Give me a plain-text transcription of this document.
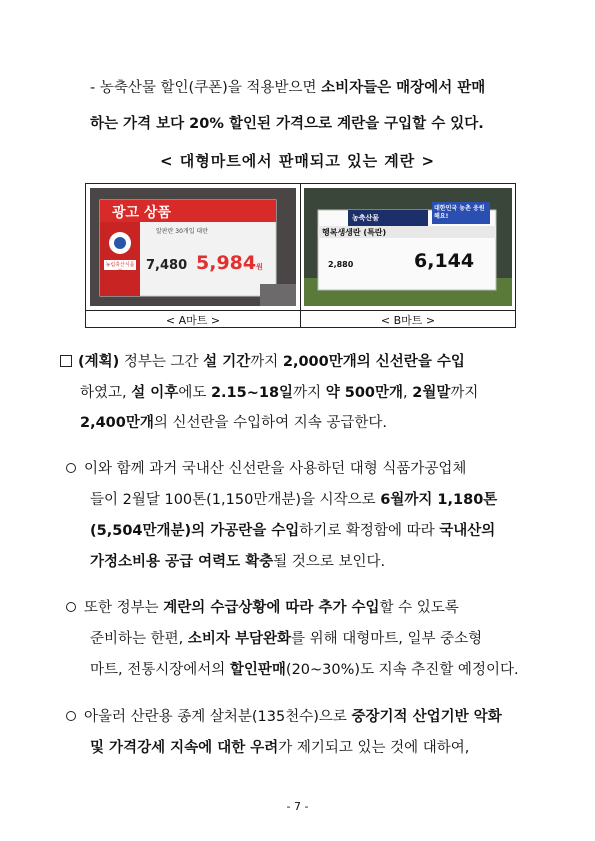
- 농축산물 할인(쿠폰)을 적용받으면 소비자들은 매장에서 판매
하는 가격 보다 20% 할인된 가격으로 계란을 구입할 수 있다.
< 대형마트에서 판매되고 있는 계란 >
광고 상품
알판란 30개입 대란
농림축산식품부	7,480 5,984원
농축산물
대한민국 농촌 응원해요!
행복생생란 (특란)
2,880	6,144
< A마트 >	< B마트 >
(계획) 정부는 그간 설 기간까지 2,000만개의 신선란을 수입
하였고, 설 이후에도 2.15~18일까지 약 500만개, 2월말까지
2,400만개의 신선란을 수입하여 지속 공급한다.
이와 함께 과거 국내산 신선란을 사용하던 대형 식품가공업체
들이 2월달 100톤(1,150만개분)을 시작으로 6월까지 1,180톤
(5,504만개분)의 가공란을 수입하기로 확정함에 따라 국내산의
가정소비용 공급 여력도 확충될 것으로 보인다.
또한 정부는 계란의 수급상황에 따라 추가 수입할 수 있도록
준비하는 한편, 소비자 부담완화를 위해 대형마트, 일부 중소형
마트, 전통시장에서의 할인판매(20~30%)도 지속 추진할 예정이다.
아울러 산란용 종계 살처분(135천수)으로 중장기적 산업기반 악화
및 가격강세 지속에 대한 우려가 제기되고 있는 것에 대하여,
- 7 -
